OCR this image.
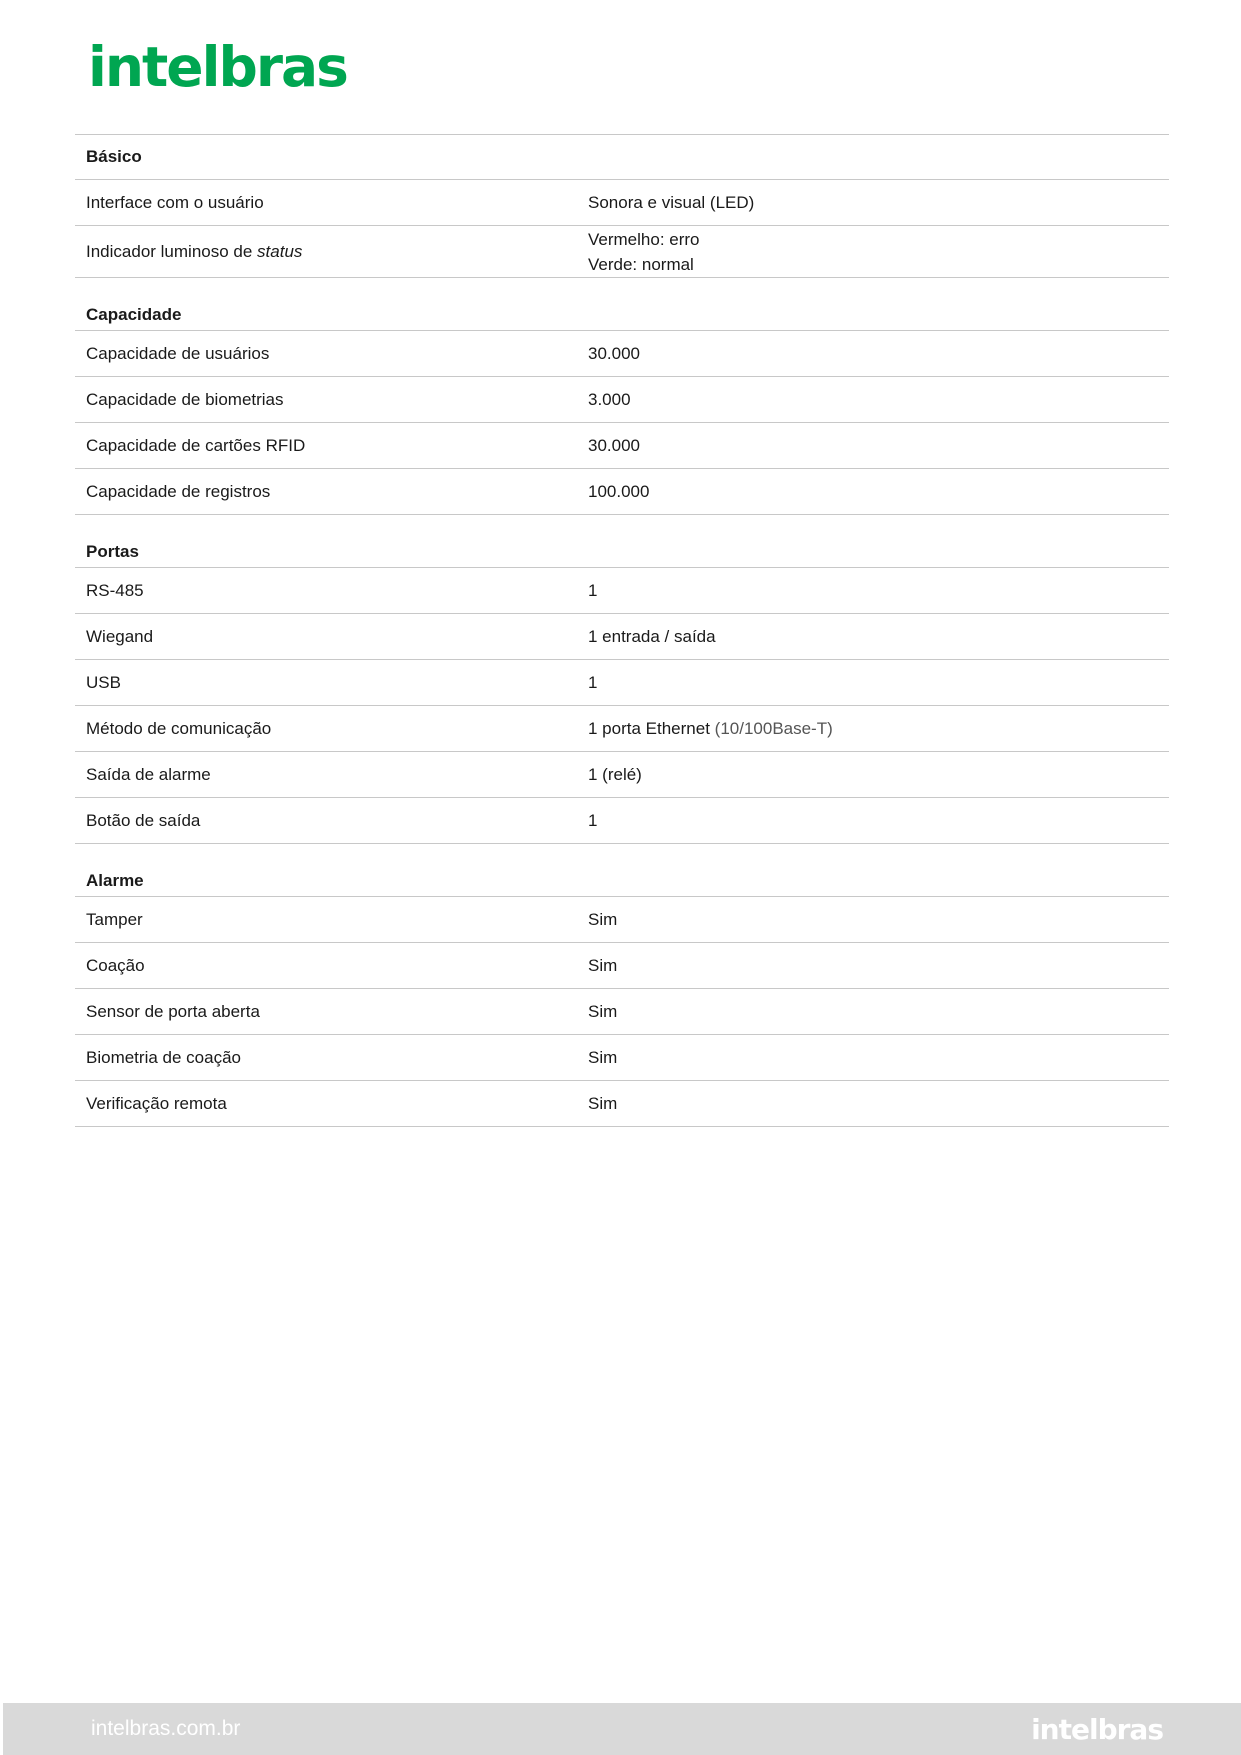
intelbras
Básico	
Interface com o usuário	Sonora e visual (LED)
Indicador luminoso de status	Vermelho: erro
Verde: normal

Capacidade	
Capacidade de usuários	30.000
Capacidade de biometrias	3.000
Capacidade de cartões RFID	30.000
Capacidade de registros	100.000
Portas	
RS-485	1
Wiegand	1 entrada / saída
USB	1
Método de comunicação	1 porta Ethernet (10/100Base-T)
Saída de alarme	1 (relé)
Botão de saída	1
Alarme	
Tamper	Sim
Coação	Sim
Sensor de porta aberta	Sim
Biometria de coação	Sim
Verificação remota	Sim
intelbras.com.br	intelbras
